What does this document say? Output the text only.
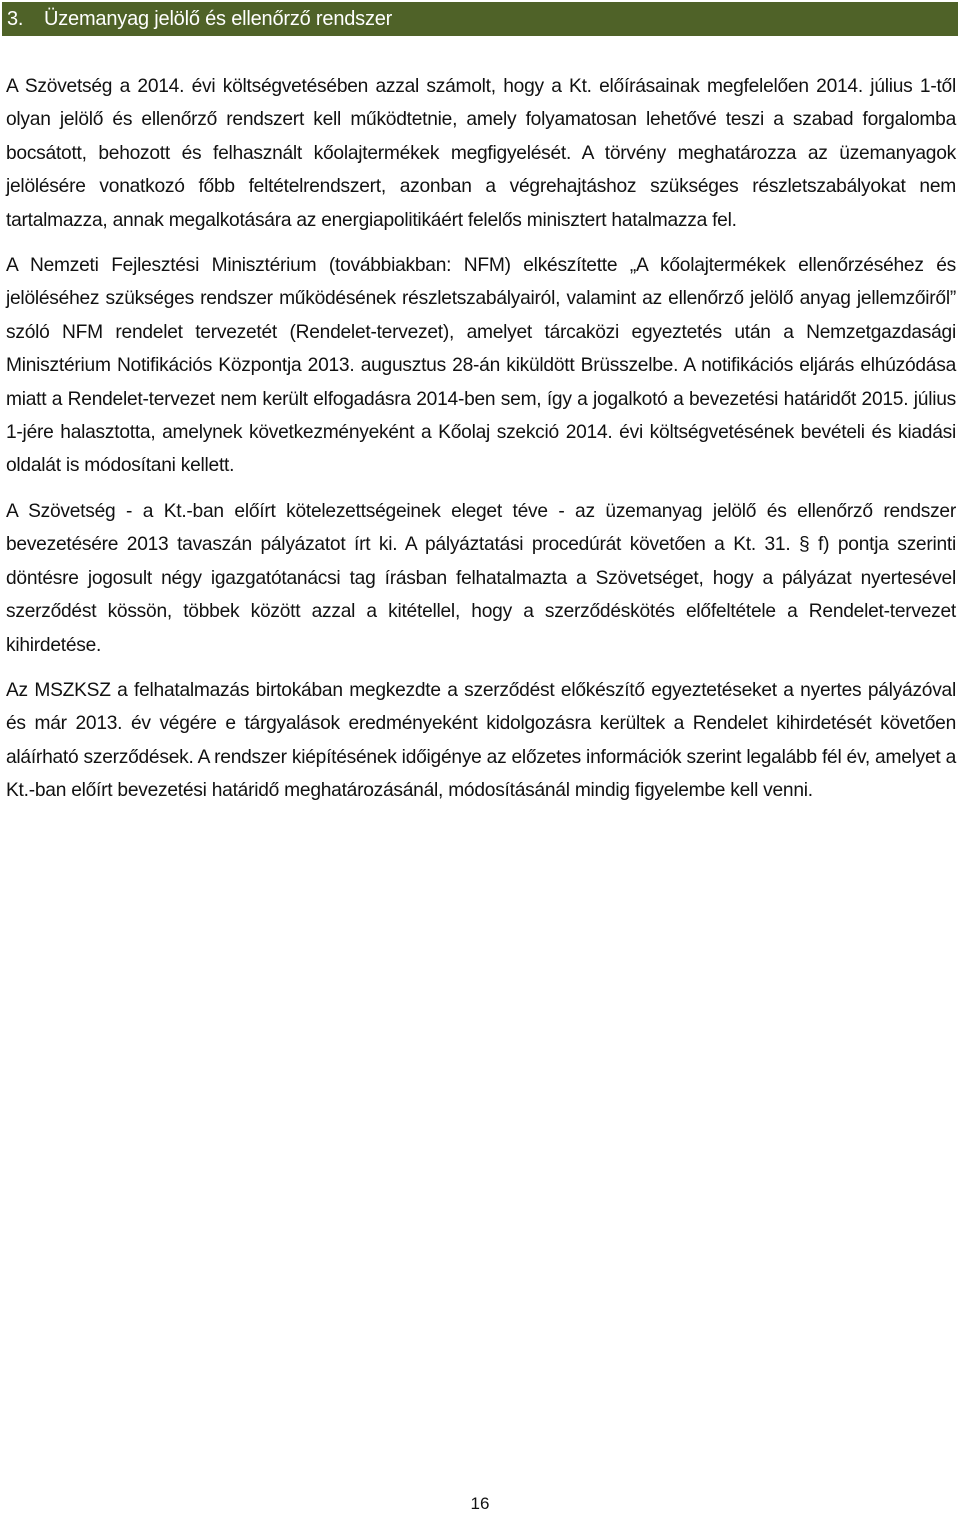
3.	Üzemanyag jelölő és ellenőrző rendszer

A Szövetség a 2014. évi költségvetésében azzal számolt, hogy a Kt. előírásainak megfelelően 2014. július 1-től olyan jelölő és ellenőrző rendszert kell működtetnie, amely folyamatosan lehetővé teszi a szabad forgalomba bocsátott, behozott és felhasznált kőolajtermékek megfigyelését. A törvény meghatározza az üzemanyagok jelölésére vonatkozó főbb feltételrendszert, azonban a végrehajtáshoz szükséges részletszabályokat nem tartalmazza, annak megalkotására az energiapolitikáért felelős minisztert hatalmazza fel.

A Nemzeti Fejlesztési Minisztérium (továbbiakban: NFM) elkészítette „A kőolajtermékek ellenőrzéséhez és jelöléséhez szükséges rendszer működésének részletszabályairól, valamint az ellenőrző jelölő anyag jellemzőiről” szóló NFM rendelet tervezetét (Rendelet-tervezet), amelyet tárcaközi egyeztetés után a Nemzetgazdasági Minisztérium Notifikációs Központja 2013. augusztus 28-án kiküldött Brüsszelbe. A notifikációs eljárás elhúzódása miatt a Rendelet-tervezet nem került elfogadásra 2014-ben sem, így a jogalkotó a bevezetési határidőt 2015. július 1-jére halasztotta, amelynek következményeként a Kőolaj szekció 2014. évi költségvetésének bevételi és kiadási oldalát is módosítani kellett.

A Szövetség - a Kt.-ban előírt kötelezettségeinek eleget téve - az üzemanyag jelölő és ellenőrző rendszer bevezetésére 2013 tavaszán pályázatot írt ki. A pályáztatási procedúrát követően a Kt. 31. § f) pontja szerinti döntésre jogosult négy igazgatótanácsi tag írásban felhatalmazta a Szövetséget, hogy a pályázat nyertesével szerződést kössön, többek között azzal a kitétellel, hogy a szerződéskötés előfeltétele a Rendelet-tervezet kihirdetése.

Az MSZKSZ a felhatalmazás birtokában megkezdte a szerződést előkészítő egyeztetéseket a nyertes pályázóval és már 2013. év végére e tárgyalások eredményeként kidolgozásra kerültek a Rendelet kihirdetését követően aláírható szerződések. A rendszer kiépítésének időigénye az előzetes információk szerint legalább fél év, amelyet a Kt.-ban előírt bevezetési határidő meghatározásánál, módosításánál mindig figyelembe kell venni.

16
